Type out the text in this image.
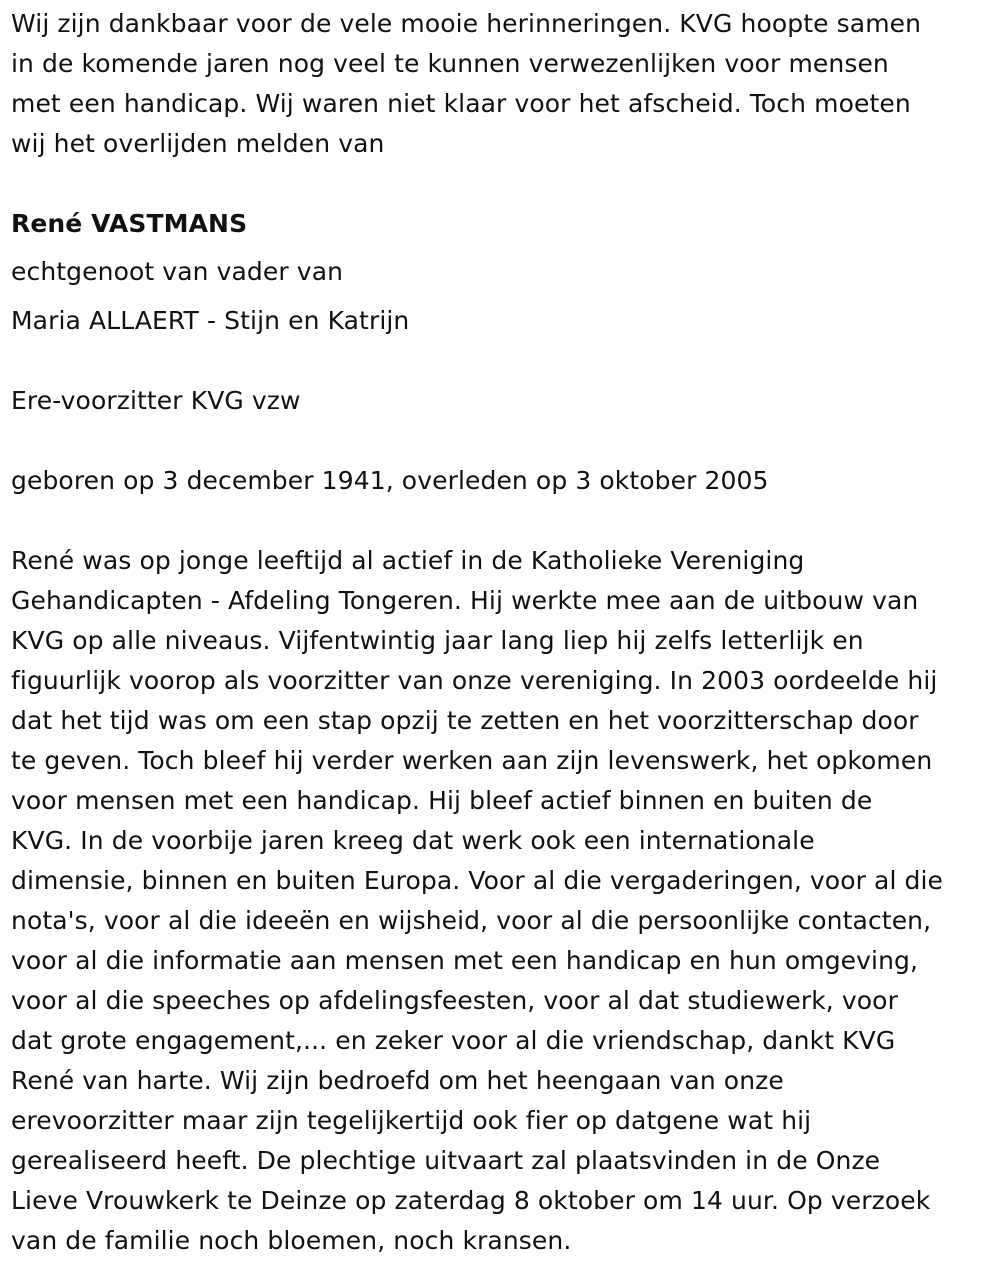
Wij zijn dankbaar voor de vele mooie herinneringen. KVG hoopte samen
in de komende jaren nog veel te kunnen verwezenlijken voor mensen
met een handicap. Wij waren niet klaar voor het afscheid. Toch moeten
wij het overlijden melden van
René VASTMANS
echtgenoot van vader van
Maria ALLAERT - Stijn en Katrijn
Ere-voorzitter KVG vzw
geboren op 3 december 1941, overleden op 3 oktober 2005
René was op jonge leeftijd al actief in de Katholieke Vereniging
Gehandicapten - Afdeling Tongeren. Hij werkte mee aan de uitbouw van
KVG op alle niveaus. Vijfentwintig jaar lang liep hij zelfs letterlijk en
figuurlijk voorop als voorzitter van onze vereniging. In 2003 oordeelde hij
dat het tijd was om een stap opzij te zetten en het voorzitterschap door
te geven. Toch bleef hij verder werken aan zijn levenswerk, het opkomen
voor mensen met een handicap. Hij bleef actief binnen en buiten de
KVG. In de voorbije jaren kreeg dat werk ook een internationale
dimensie, binnen en buiten Europa. Voor al die vergaderingen, voor al die
nota's, voor al die ideeën en wijsheid, voor al die persoonlijke contacten,
voor al die informatie aan mensen met een handicap en hun omgeving,
voor al die speeches op afdelingsfeesten, voor al dat studiewerk, voor
dat grote engagement,... en zeker voor al die vriendschap, dankt KVG
René van harte. Wij zijn bedroefd om het heengaan van onze
erevoorzitter maar zijn tegelijkertijd ook fier op datgene wat hij
gerealiseerd heeft. De plechtige uitvaart zal plaatsvinden in de Onze
Lieve Vrouwkerk te Deinze op zaterdag 8 oktober om 14 uur. Op verzoek
van de familie noch bloemen, noch kransen.
